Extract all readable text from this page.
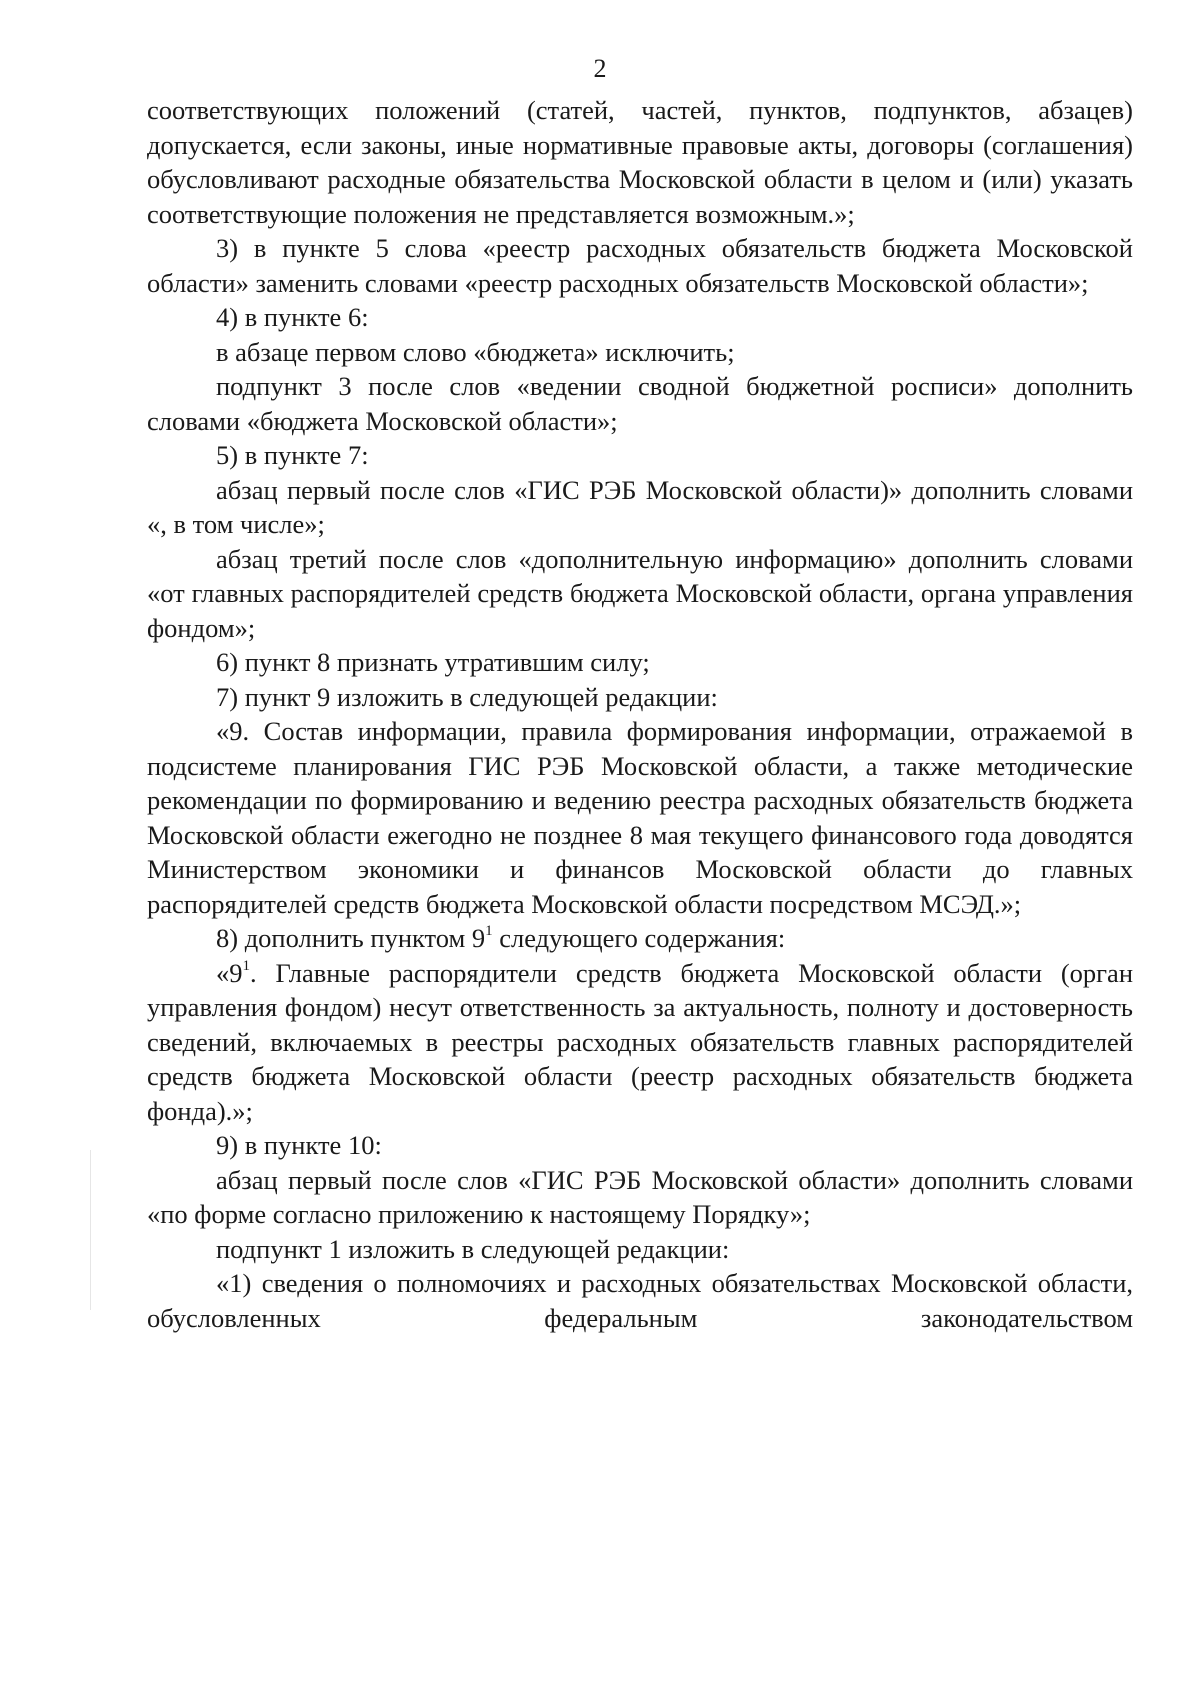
2

соответствующих положений (статей, частей, пунктов, подпунктов, абзацев) допускается, если законы, иные нормативные правовые акты, договоры (соглашения) обусловливают расходные обязательства Московской области в целом и (или) указать соответствующие положения не представляется возможным.»;

3) в пункте 5 слова «реестр расходных обязательств бюджета Московской области» заменить словами «реестр расходных обязательств Московской области»;

4) в пункте 6:

в абзаце первом слово «бюджета» исключить;

подпункт 3 после слов «ведении сводной бюджетной росписи» дополнить словами «бюджета Московской области»;

5) в пункте 7:

абзац первый после слов «ГИС РЭБ Московской области)» дополнить словами «, в том числе»;

абзац третий после слов «дополнительную информацию» дополнить словами «от главных распорядителей средств бюджета Московской области, органа управления фондом»;

6) пункт 8 признать утратившим силу;

7) пункт 9 изложить в следующей редакции:

«9. Состав информации, правила формирования информации, отражаемой в подсистеме планирования ГИС РЭБ Московской области, а также методические рекомендации по формированию и ведению реестра расходных обязательств бюджета Московской области ежегодно не позднее 8 мая текущего финансового года доводятся Министерством экономики и финансов Московской области до главных распорядителей средств бюджета Московской области посредством МСЭД.»;

8) дополнить пунктом $9^1$ следующего содержания:

«$9^1$. Главные распорядители средств бюджета Московской области (орган управления фондом) несут ответственность за актуальность, полноту и достоверность сведений, включаемых в реестры расходных обязательств главных распорядителей средств бюджета Московской области (реестр расходных обязательств бюджета фонда).»;

9) в пункте 10:

абзац первый после слов «ГИС РЭБ Московской области» дополнить словами «по форме согласно приложению к настоящему Порядку»;

подпункт 1 изложить в следующей редакции:

«1) сведения о полномочиях и расходных обязательствах Московской области, обусловленных федеральным законодательством
